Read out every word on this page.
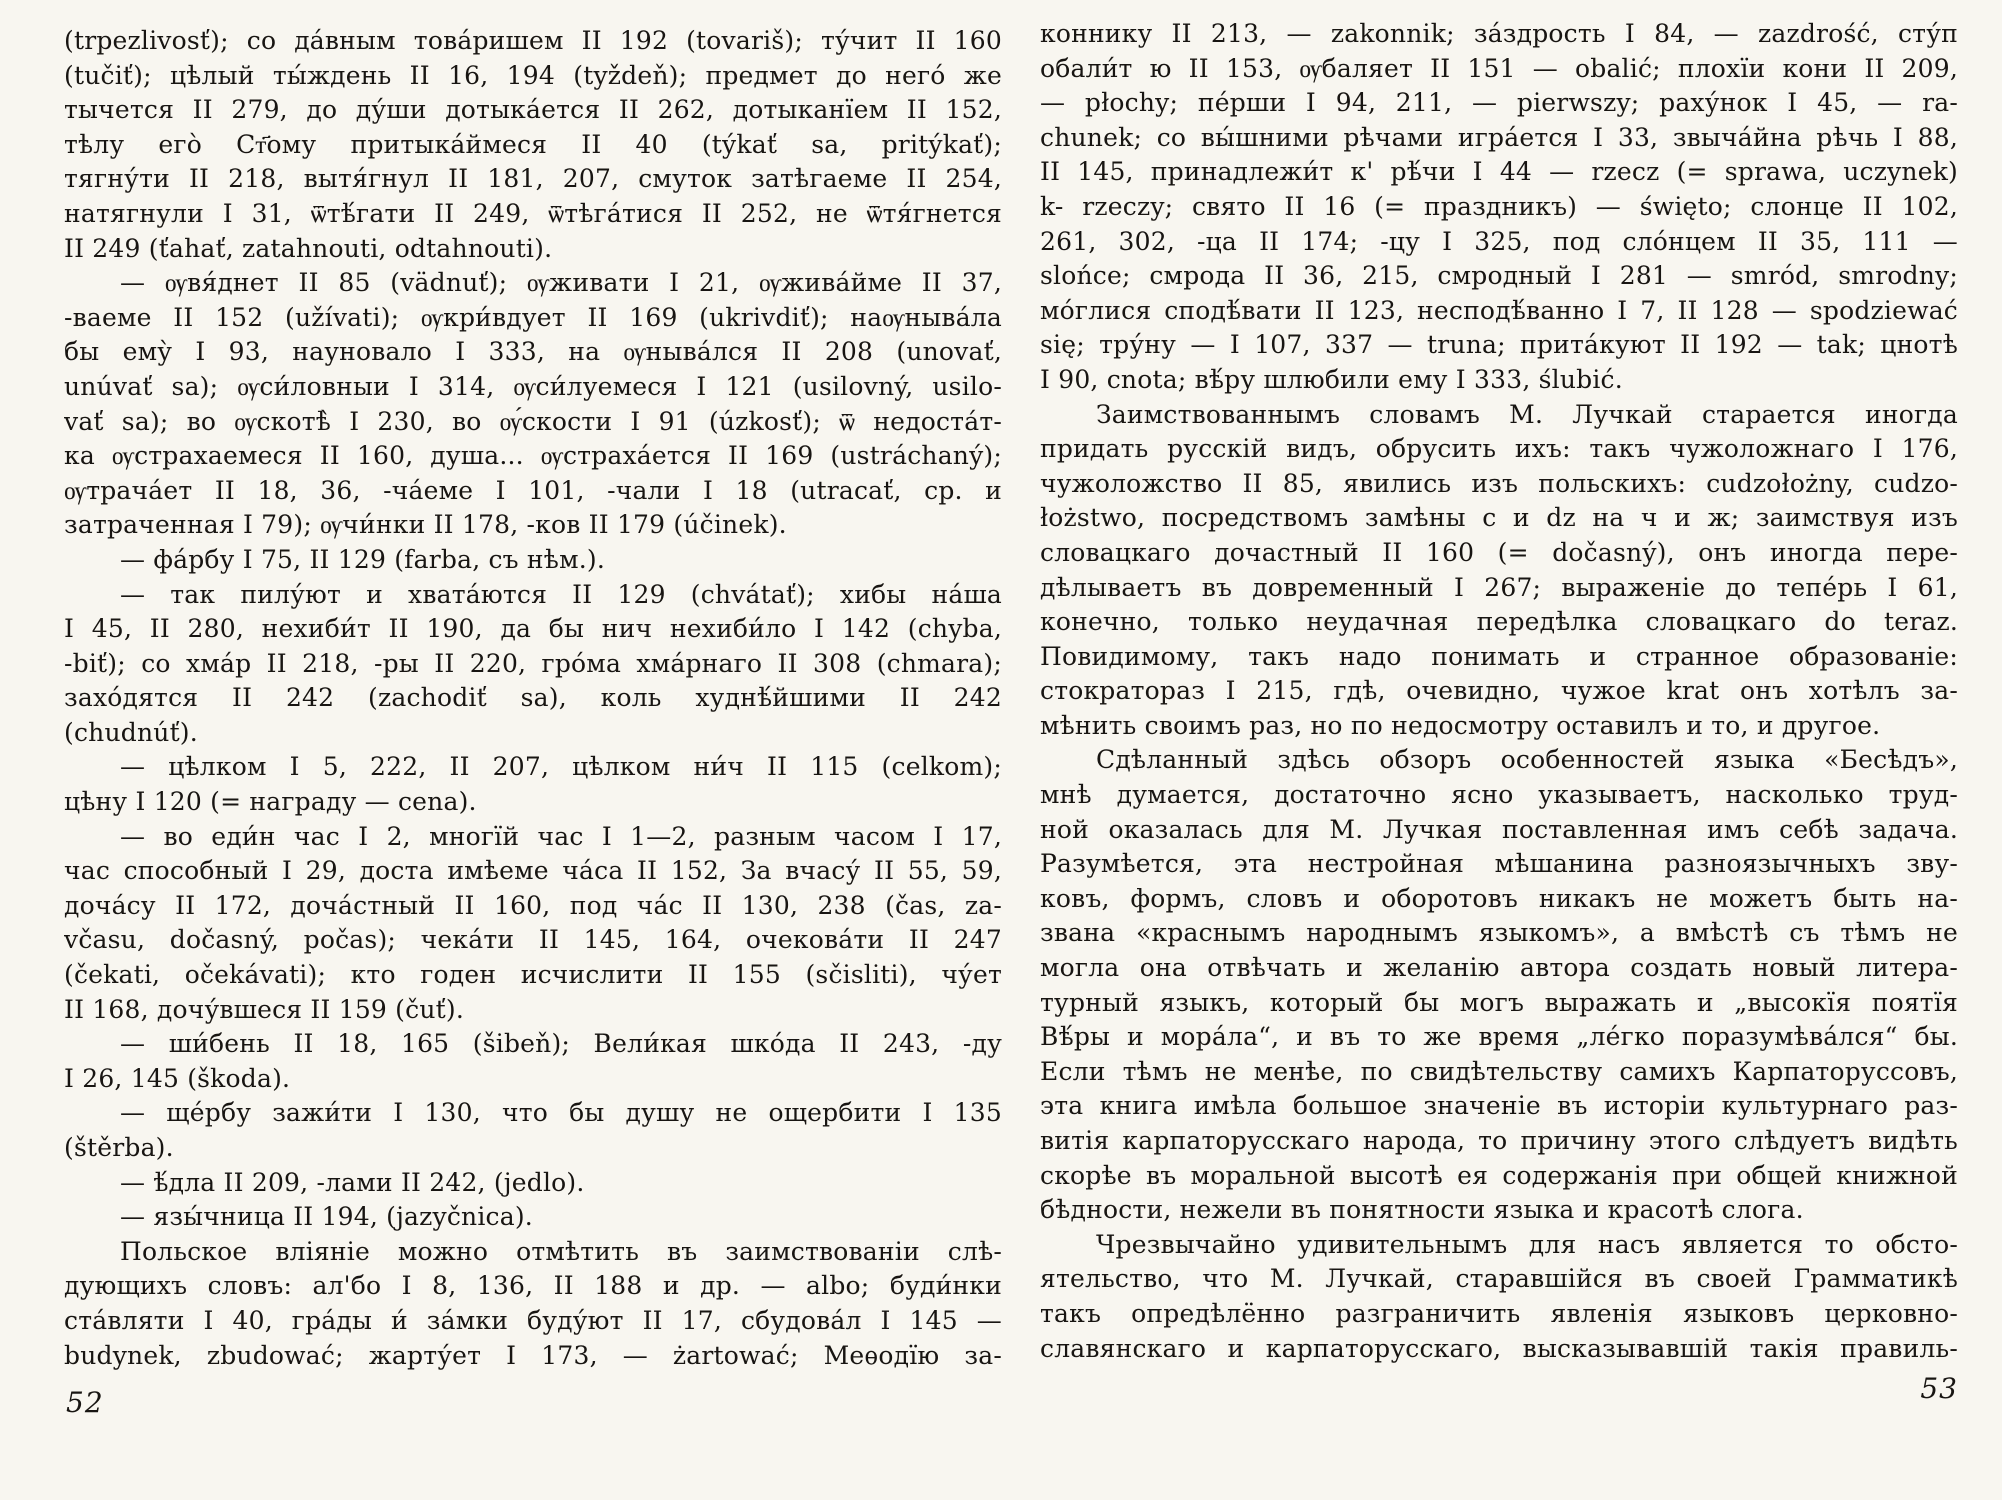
(trpezlivosť); со да́вным това́ришем II 192 (tovariš); ту́чит II 160
(tučiť); цѣлый ты́ждень II 16, 194 (tyždeň); предмет до него́ же
тычется II 279, до ду́ши дотыка́ется II 262, дотыканїем II 152,
тѣлу его̀ Ст҃ому притыка́ймеся II 40 (týkať sa, pritýkať);
тягну́ти II 218, вытя́гнул II 181, 207, смуток затѣгаеме II 254,
натягнули I 31, ѿтѣ́гати II 249, ѿтѣга́тися II 252, не ѿтя́гнется
II 249 (ťahať, zatahnouti, odtahnouti).
— ѹвя́днет II 85 (vädnuť); ѹживати I 21, ѹжива́йме II 37,
-ваеме II 152 (užívati); ѹкри́вдует II 169 (ukrivdiť); наѹныва́ла
бы ему̀ I 93, науновало I 333, на ѹныва́лся II 208 (unovať,
unúvať sa); ѹси́ловныи I 314, ѹси́луемеся I 121 (usilovný, usilo-
vať sa); во ѹскотѣ̀ I 230, во ѹ́скости I 91 (úzkosť); ѿ недоста́т-
ка ѹстрахаемеся II 160, душа... ѹстраха́ется II 169 (ustráchaný);
ѹтрача́ет II 18, 36, -ча́еме I 101, -чали I 18 (utracať, ср. и
затраченная I 79); ѹчи́нки II 178, -ков II 179 (účinek).
— фа́рбу I 75, II 129 (farba, съ нѣм.).
— так пилу́ют и хвата́ются II 129 (chvátať); хибы на́ша
I 45, II 280, нехиби́т II 190, да бы нич нехиби́ло I 142 (chyba,
-biť); со хма́р II 218, -ры II 220, гро́ма хма́рнаго II 308 (chmara);
захо́дятся II 242 (zachodiť sa), коль худнѣ́йшими II 242
(chudnúť).
— цѣлком I 5, 222, II 207, цѣлком ни́ч II 115 (celkom);
цѣну I 120 (= награду — cena).
— во еди́н час I 2, многїй час I 1—2, разным часом I 17,
час способный I 29, доста имѣеме ча́са II 152, За вчасу́ II 55, 59,
доча́су II 172, доча́стный II 160, под ча́с II 130, 238 (čas, za-
včasu, dočasný, počas); чека́ти II 145, 164, очекова́ти II 247
(čekati, očekávati); кто годен исчислити II 155 (sčisliti), чу́ет
II 168, дочу́вшеся II 159 (čuť).
— ши́бень II 18, 165 (šibeň); Вели́кая шко́да II 243, -ду
I 26, 145 (škoda).
— ще́рбу зажи́ти I 130, что бы душу не ощербити I 135
(štěrba).
— ѣ́дла II 209, -лами II 242, (jedlo).
— язы́чница II 194, (jazyčnica).
Польское вліяніе можно отмѣтить въ заимствованіи слѣ-
дующихъ словъ: ал'бо I 8, 136, II 188 и др. — albo; буди́нки
ста́вляти I 40, гра́ды и́ за́мки буду́ют II 17, сбудова́л I 145 —
budynek, zbudować; жарту́ет I 173, — żartować; Меѳодїю за-
52
коннику II 213, — zakonnik; за́здрость I 84, — zazdrość, сту́п
обали́т ю II 153, ѹбаляет II 151 — obalić; плохїи кони II 209,
— płochy; пе́рши I 94, 211, — pierwszy; раху́нок I 45, — ra-
chunek; со вы́шними рѣчами игра́ется I 33, звыча́йна рѣчь I 88,
II 145, принадлежи́т к' рѣ́чи I 44 — rzecz (= sprawa, uczynek)
k- rzeczy; свято II 16 (= праздникъ) — święto; слонце II 102,
261, 302, -ца II 174; -цу I 325, под сло́нцем II 35, 111 —
slońce; смрода II 36, 215, смродный I 281 — smród, smrodny;
мо́глися сподѣ́вати II 123, несподѣ́ванно I 7, II 128 — spodziewać
się; тру́ну — I 107, 337 — truna; прита́куют II 192 — tak; цнотѣ
I 90, cnota; вѣ́ру шлюбили ему I 333, ślubić.
Заимствованнымъ словамъ М. Лучкай старается иногда
придать русскій видъ, обрусить ихъ: такъ чужоложнаго I 176,
чужоложство II 85, явились изъ польскихъ: cudzołożny, cudzo-
łożstwo, посредствомъ замѣны c и dz на ч и ж; заимствуя изъ
словацкаго дочастный II 160 (= dočasný), онъ иногда пере-
дѣлываетъ въ довременный I 267; выраженіе до тепе́рь I 61,
конечно, только неудачная передѣлка словацкаго do teraz.
Повидимому, такъ надо понимать и странное образованіе:
стократораз I 215, гдѣ, очевидно, чужое krat онъ хотѣлъ за-
мѣнить своимъ раз, но по недосмотру оставилъ и то, и другое.
Сдѣланный здѣсь обзоръ особенностей языка «Бесѣдъ»,
мнѣ думается, достаточно ясно указываетъ, насколько труд-
ной оказалась для М. Лучкая поставленная имъ себѣ задача.
Разумѣется, эта нестройная мѣшанина разноязычныхъ зву-
ковъ, формъ, словъ и оборотовъ никакъ не можетъ быть на-
звана «краснымъ народнымъ языкомъ», а вмѣстѣ съ тѣмъ не
могла она отвѣчать и желанію автора создать новый литера-
турный языкъ, который бы могъ выражать и „высокїя поятїя
Вѣ́ры и мора́ла“, и въ то же время „ле́гко поразумѣва́лся“ бы.
Если тѣмъ не менѣе, по свидѣтельству самихъ Карпаторуссовъ,
эта книга имѣла большое значеніе въ исторіи культурнаго раз-
витія карпаторусскаго народа, то причину этого слѣдуетъ видѣть
скорѣе въ моральной высотѣ ея содержанія при общей книжной
бѣдности, нежели въ понятности языка и красотѣ слога.
Чрезвычайно удивительнымъ для насъ является то обсто-
ятельство, что М. Лучкай, старавшійся въ своей Грамматикѣ
такъ опредѣлённо разграничить явленія языковъ церковно-
славянскаго и карпаторусскаго, высказывавшій такія правиль-
53
